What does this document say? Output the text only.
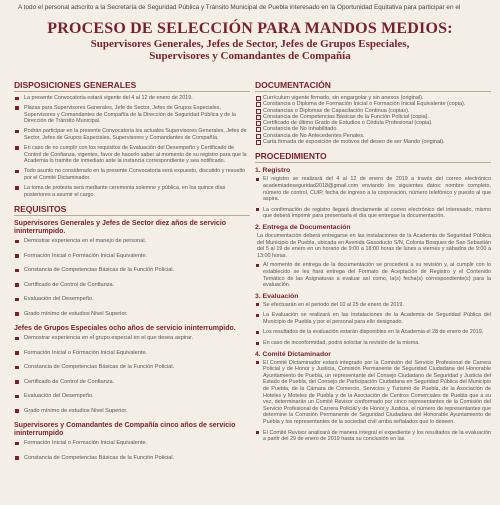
A todo el personal adscrito a la Secretaría de Seguridad Pública y Tránsito Municipal de Puebla interesado en la Oportunidad Equitativa para participar en el
PROCESO DE SELECCIÓN PARA MANDOS MEDIOS:
Supervisores Generales, Jefes de Sector, Jefes de Grupos Especiales,
Supervisores y Comandantes de Compañía
DISPOSICIONES GENERALES
La presente Convocatoria estará vigente del 4 al 12 de enero de 2019.
Plazas para Supervisores Generales, Jefe de Sector, Jefes de Grupos Especiales, Supervisores y Comandantes de Compañía de la Dirección de Seguridad Pública y de la Dirección de Tránsito Municipal.
Podrán participar en la presente Convocatoria los actuales Supervisores Generales, Jefes de Sector, Jefes de Grupos Especiales, Supervisores y Comandantes de Compañía.
En caso de no cumplir con los requisitos de Evaluación del Desempeño y Certificado de Control de Confianza, vigentes, favor de hacerlo saber al momento de su registro para que la Academia lo tramite de inmediato ante la instancia correspondiente y sea notificado.
Todo asunto no considerado en la presente Convocatoria será expuesto, discutido y resuelto por el Comité Dictaminador.
La toma de protesta será mediante ceremonia solemne y pública, en los quince días posteriores a asumir el cargo.
REQUISITOS
Supervisores Generales y Jefes de Sector diez años de servicio ininterrumpido.
Demostrar experiencia en el manejo de personal.
Formación Inicial o Formación Inicial Equivalente.
Constancia de Competencias Básicas de la Función Policial.
Certificado de Control de Confianza.
Evaluación del Desempeño.
Grado mínimo de estudios Nivel Superior.
Jefes de Grupos Especiales ocho años de servicio ininterrumpido.
Demostrar experiencia en el grupo especial en el que desea aspirar.
Formación Inicial o Formación Inicial Equivalente.
Constancia de Competencias Básicas de la Función Policial.
Certificado de Control de Confianza.
Evaluación del Desempeño.
Grado mínimo de estudios Nivel Superior.
Supervisores y Comandantes de Compañía cinco años de servicio ininterrumpido
Formación Inicial o Formación Inicial Equivalente.
Constancia de Competencias Básicas de la Función Policial.
DOCUMENTACIÓN
Currículum vigente firmado, sin engargolar y sin anexos (original).
Constancia o Diploma de Formación Inicial o Formación Inicial Equivalente (copia).
Constancias o Diplomas de Capacitación Continua (copias).
Constancia de Competencias Básicas de la Función Policial (copia).
Certificado de último Grado de Estudios o Cédula Profesional (copia).
Constancia de No Inhabilitado.
Constancia de No Antecedentes Penales.
Carta firmada de exposición de motivos del deseo de ser Mando (original).
PROCEDIMIENTO
1. Registro
El registro se realizará del 4 al 12 de enero de 2019 a través del correo electrónico academiadeseguridad2018@gmail.com enviando los siguientes datos: nombre completo, número de control, CUIP, fecha de ingreso a la corporación, número telefónico y puesto al que aspira.
La confirmación de registro llegará directamente al correo electrónico del interesado, mismo que deberá imprimir para presentarla el día que entregue la documentación.
2. Entrega de Documentación
La documentación deberá entregarse en las instalaciones de la Academia de Seguridad Pública del Municipio de Puebla, ubicada en Avenida Gasoducto S/N, Colonia Bosques de San Sebastián del 5 al 19 de enero en un horario de 9:00 a 18:00 horas de lunes a viernes y sábados de 9:00 a 13:00 horas.
Al momento de entrega de la documentación se procederá a su revisión y, al cumplir con lo establecido se les hará entrega del Formato de Aceptación de Registro y el Contenido Temático de las Asignaturas a evaluar así como, la(s) fecha(s) correspondiente(s) para la evaluación.
3. Evaluación
Se efectuarán en el periodo del 10 al 25 de enero de 2019.
La Evaluación se realizará en las instalaciones de la Academia de Seguridad Pública del Municipio de Puebla y por el personal para ello designado.
Los resultados de la evaluación estarán disponibles en la Academia el 28 de enero de 2019.
En caso de inconformidad, podrá solicitar la revisión de la misma.
4. Comité Dictaminador
El Comité Dictaminador estará integrado por la Comisión del Servicio Profesional de Carrera Policial y de Honor y Justicia, Comisión Permanente de Seguridad Ciudadana del Honorable Ayuntamiento de Puebla, un representante del Consejo Ciudadano de Seguridad y Justicia del Estado de Puebla, del Consejo de Participación Ciudadana en Seguridad Pública del Municipio de Puebla, de la Cámara de Comercio, Servicios y Turismo de Puebla, de la Asociación de Hoteles y Moteles de Puebla y de la Asociación de Centros Comerciales de Puebla que a su vez, determinarán un Comité Revisor conformado por cinco representantes de la Comisión del Servicio Profesional de Carrera Policial y de Honor y Justicia, el número de representantes que determine la Comisión Permanente de Seguridad Ciudadana del Honorable Ayuntamiento de Puebla y los representantes de la sociedad civil arriba señalados que lo deseen.
El Comité Revisor analizará de manera integral el expediente y los resultados de la evaluación a partir del 29 de enero de 2019 hasta su conclusión en las
